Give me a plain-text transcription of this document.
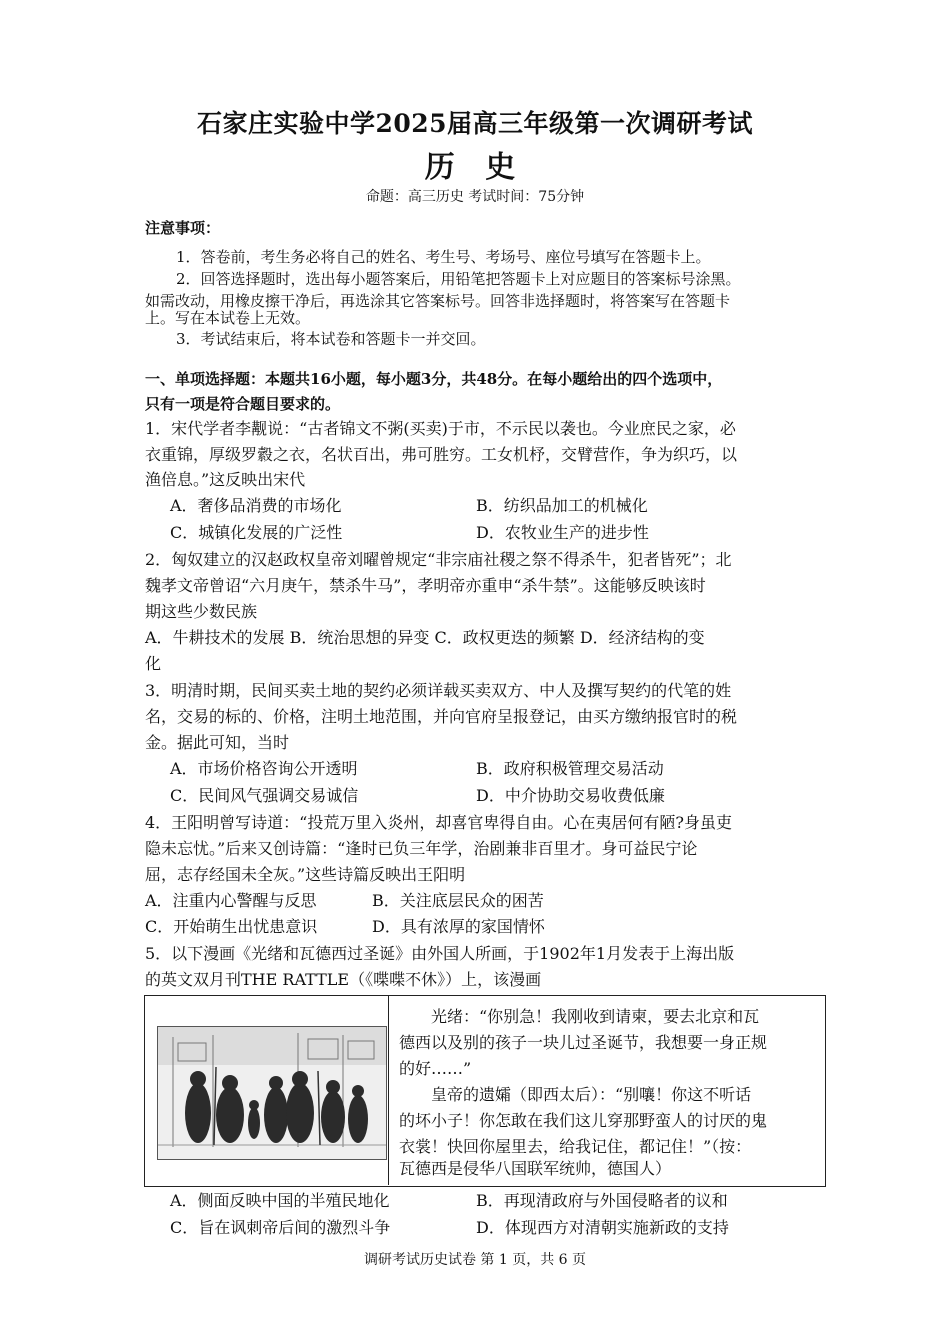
石家庄实验中学2025届高三年级第一次调研考试
历 史
命题：高三历史 考试时间：75分钟
注意事项：
1．答卷前，考生务必将自己的姓名、考生号、考场号、座位号填写在答题卡上。
2．回答选择题时，选出每小题答案后，用铅笔把答题卡上对应题目的答案标号涂黑。
如需改动，用橡皮擦干净后，再选涂其它答案标号。回答非选择题时，将答案写在答题卡
上。写在本试卷上无效。
3．考试结束后，将本试卷和答题卡一并交回。
一、单项选择题：本题共16小题，每小题3分，共48分。在每小题给出的四个选项中，
只有一项是符合题目要求的。
1．宋代学者李觏说：“古者锦文不粥(买卖)于市，不示民以袭也。今业庶民之家，必
衣重锦，厚级罗縠之衣，名状百出，弗可胜穷。工女机杼，交臂营作，争为织巧，以
渔倍息。”这反映出宋代
A．奢侈品消费的市场化	B．纺织品加工的机械化
C．城镇化发展的广泛性	D．农牧业生产的进步性
2．匈奴建立的汉赵政权皇帝刘曜曾规定“非宗庙社稷之祭不得杀牛，犯者皆死”；北
魏孝文帝曾诏“六月庚午，禁杀牛马”，孝明帝亦重申“杀牛禁”。这能够反映该时
期这些少数民族
A．牛耕技术的发展 B．统治思想的异变 C．政权更迭的频繁 D．经济结构的变
化
3．明清时期，民间买卖土地的契约必须详载买卖双方、中人及撰写契约的代笔的姓
名，交易的标的、价格，注明土地范围，并向官府呈报登记，由买方缴纳报官时的税
金。据此可知，当时
A．市场价格咨询公开透明	B．政府积极管理交易活动
C．民间风气强调交易诚信	D．中介协助交易收费低廉
4．王阳明曾写诗道：“投荒万里入炎州，却喜官卑得自由。心在夷居何有陋?身虽吏
隐未忘忧。”后来又创诗篇：“逢时已负三年学，治剧兼非百里才。身可益民宁论
屈，志存经国未全灰。”这些诗篇反映出王阳明
A．注重内心警醒与反思	B．关注底层民众的困苦
C．开始萌生出忧患意识	D．具有浓厚的家国情怀
5．以下漫画《光绪和瓦德西过圣诞》由外国人所画，于1902年1月发表于上海出版
的英文双月刊THE RATTLE（《喋喋不休》）上，该漫画
光绪：“你别急！我刚收到请柬，要去北京和瓦
德西以及别的孩子一块儿过圣诞节，我想要一身正规
的好……”
皇帝的遗孀（即西太后）：“别嚷！你这不听话
的坏小子！你怎敢在我们这儿穿那野蛮人的讨厌的鬼
衣裳！快回你屋里去，给我记住，都记住！”（按：
瓦德西是侵华八国联军统帅，德国人）
A．侧面反映中国的半殖民地化	B．再现清政府与外国侵略者的议和
C．旨在讽刺帝后间的激烈斗争	D．体现西方对清朝实施新政的支持
调研考试历史试卷 第 1 页，共 6 页
